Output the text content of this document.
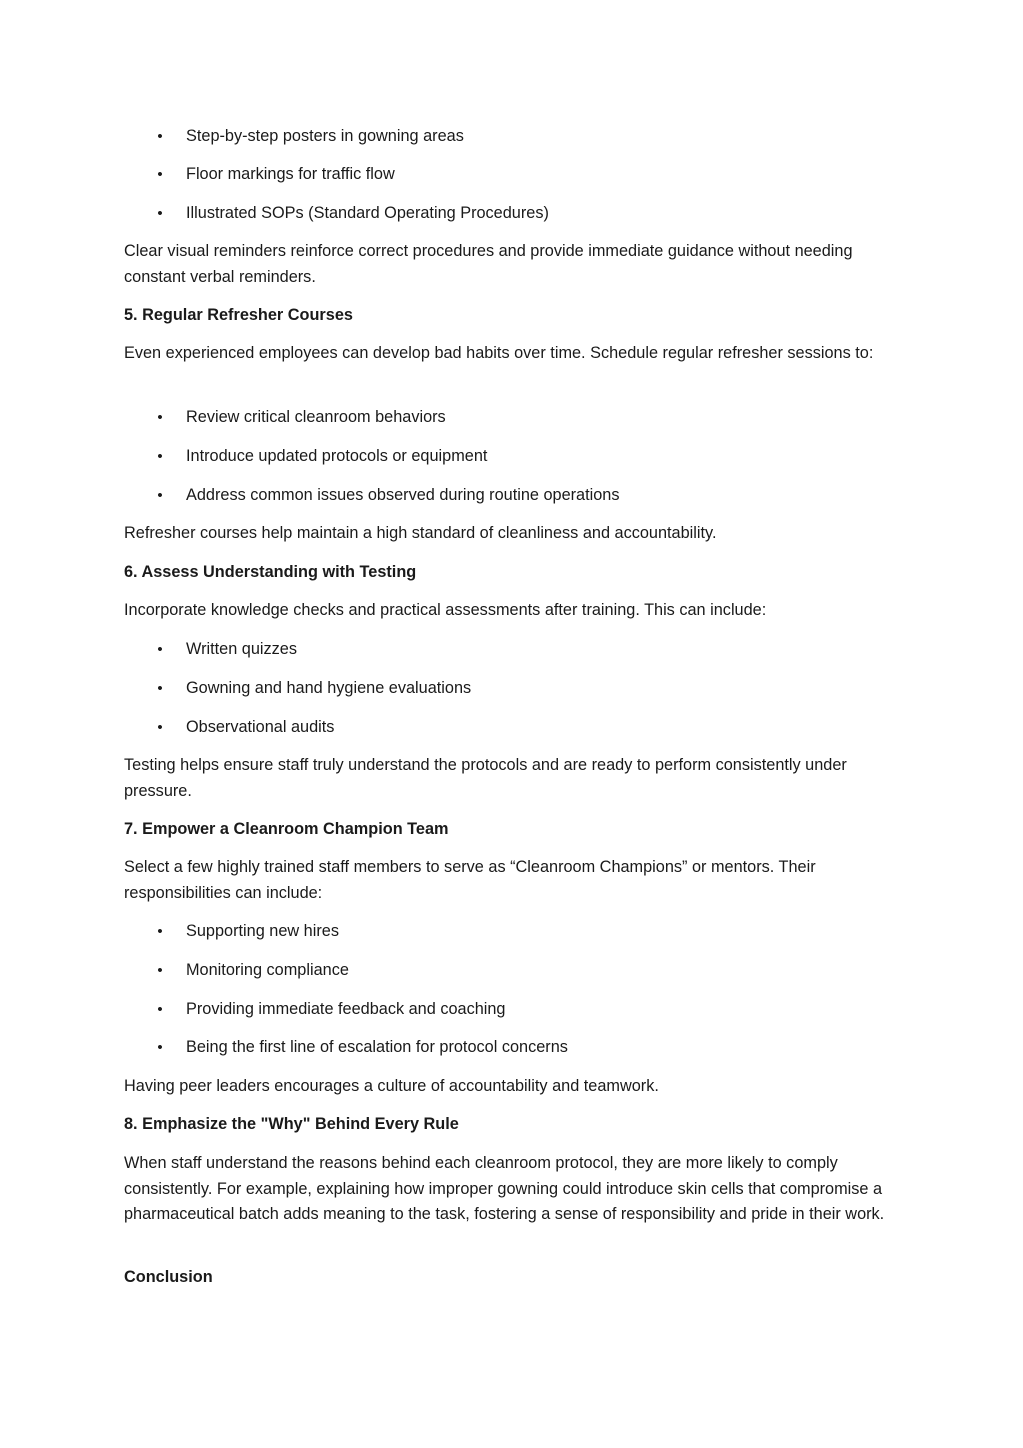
• Step-by-step posters in gowning areas
• Floor markings for traffic flow
• Illustrated SOPs (Standard Operating Procedures)

Clear visual reminders reinforce correct procedures and provide immediate guidance without needing constant verbal reminders.

5. Regular Refresher Courses

Even experienced employees can develop bad habits over time. Schedule regular refresher sessions to:

• Review critical cleanroom behaviors
• Introduce updated protocols or equipment
• Address common issues observed during routine operations

Refresher courses help maintain a high standard of cleanliness and accountability.

6. Assess Understanding with Testing

Incorporate knowledge checks and practical assessments after training. This can include:

• Written quizzes
• Gowning and hand hygiene evaluations
• Observational audits

Testing helps ensure staff truly understand the protocols and are ready to perform consistently under pressure.

7. Empower a Cleanroom Champion Team

Select a few highly trained staff members to serve as “Cleanroom Champions” or mentors. Their responsibilities can include:

• Supporting new hires
• Monitoring compliance
• Providing immediate feedback and coaching
• Being the first line of escalation for protocol concerns

Having peer leaders encourages a culture of accountability and teamwork.

8. Emphasize the "Why" Behind Every Rule

When staff understand the reasons behind each cleanroom protocol, they are more likely to comply consistently. For example, explaining how improper gowning could introduce skin cells that compromise a pharmaceutical batch adds meaning to the task, fostering a sense of responsibility and pride in their work.

Conclusion
